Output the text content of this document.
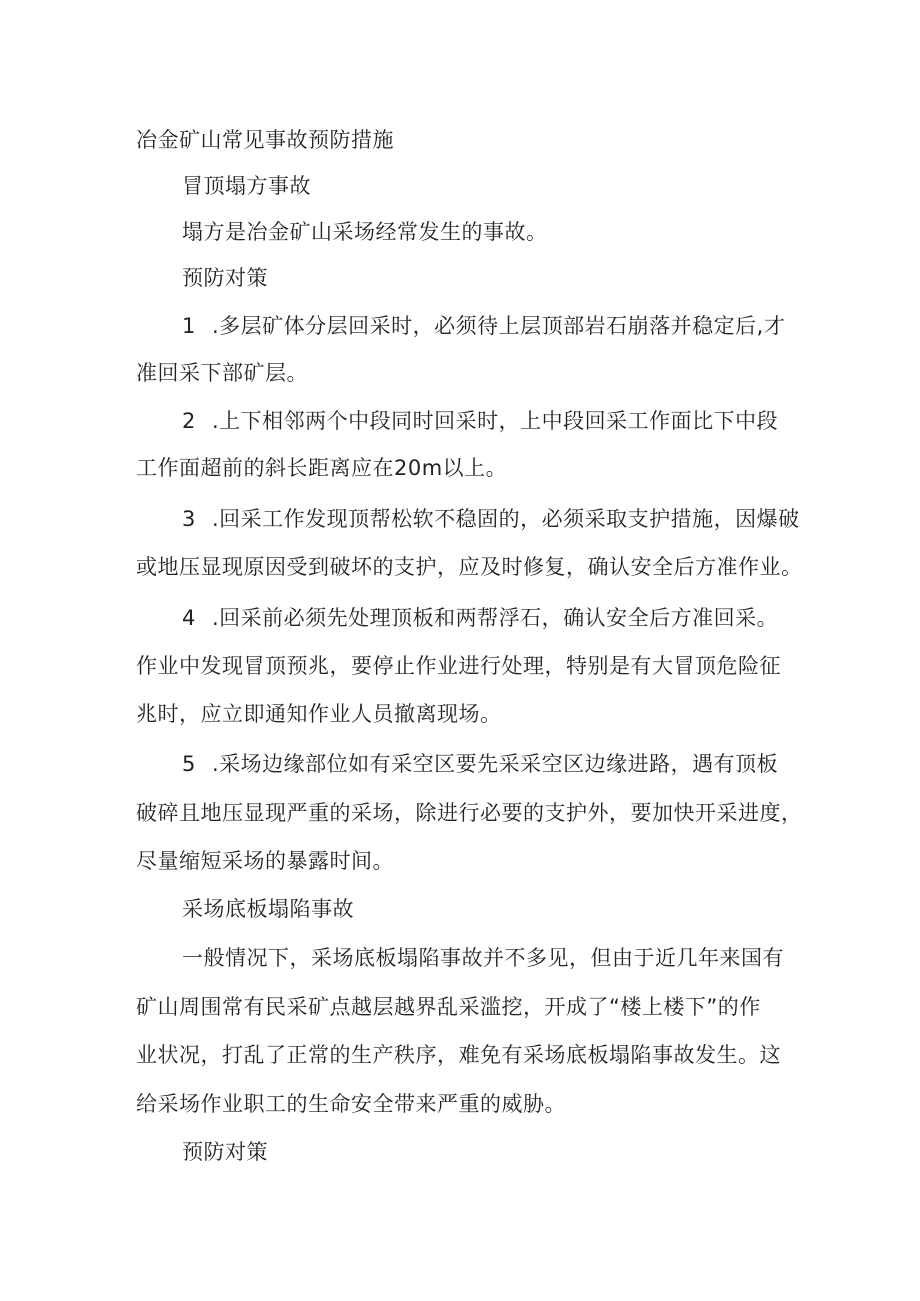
冶金矿山常见事故预防措施
冒顶塌方事故
塌方是冶金矿山采场经常发生的事故。
预防对策
1 .多层矿体分层回采时，必须待上层顶部岩石崩落并稳定后,才
准回采下部矿层。
2 .上下相邻两个中段同时回采时，上中段回采工作面比下中段
工作面超前的斜长距离应在20m以上。
3 .回采工作发现顶帮松软不稳固的，必须采取支护措施，因爆破
或地压显现原因受到破坏的支护，应及时修复，确认安全后方准作业。
4 .回采前必须先处理顶板和两帮浮石，确认安全后方准回采。
作业中发现冒顶预兆，要停止作业进行处理，特别是有大冒顶危险征
兆时，应立即通知作业人员撤离现场。
5 .采场边缘部位如有采空区要先采采空区边缘进路，遇有顶板
破碎且地压显现严重的采场，除进行必要的支护外，要加快开采进度，
尽量缩短采场的暴露时间。
采场底板塌陷事故
一般情况下，采场底板塌陷事故并不多见，但由于近几年来国有
矿山周围常有民采矿点越层越界乱采滥挖，开成了“楼上楼下”的作
业状况，打乱了正常的生产秩序，难免有采场底板塌陷事故发生。这
给采场作业职工的生命安全带来严重的威胁。
预防对策
